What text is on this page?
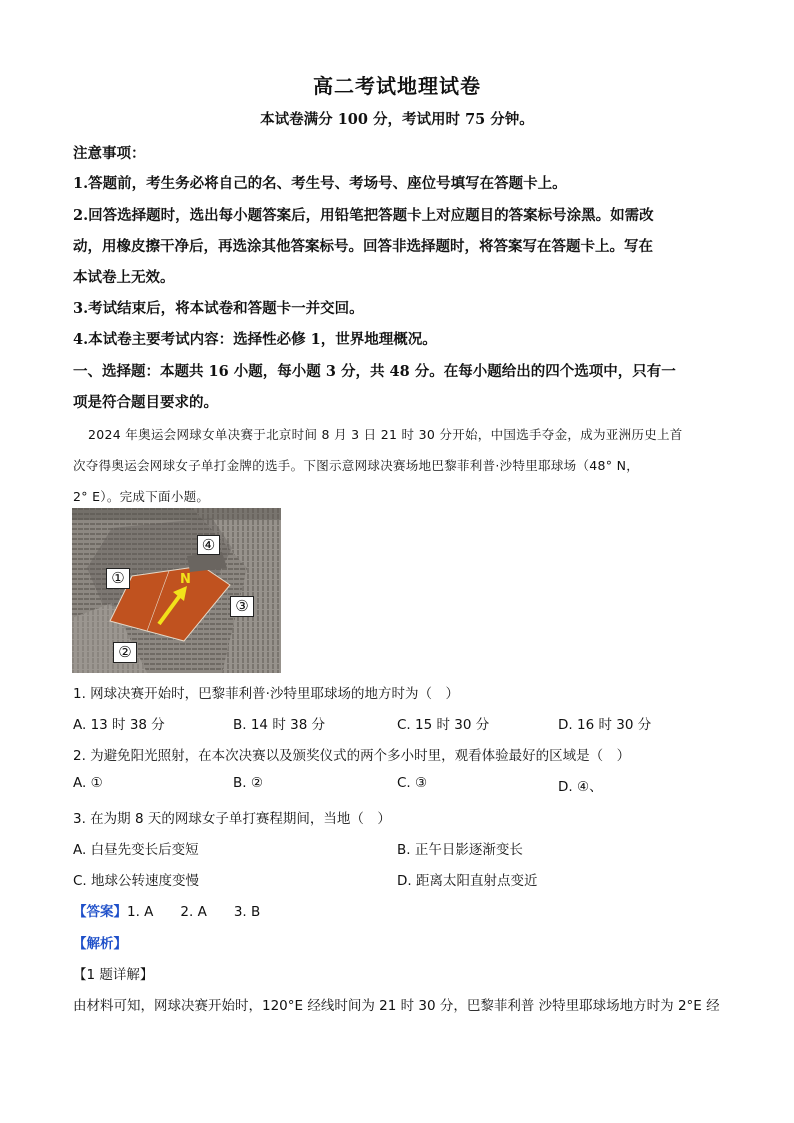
高二考试地理试卷
本试卷满分 100 分，考试用时 75 分钟。
注意事项：
1.答题前，考生务必将自己的名、考生号、考场号、座位号填写在答题卡上。
2.回答选择题时，选出每小题答案后，用铅笔把答题卡上对应题目的答案标号涂黑。如需改
动，用橡皮擦干净后，再选涂其他答案标号。回答非选择题时，将答案写在答题卡上。写在
本试卷上无效。
3.考试结束后，将本试卷和答题卡一并交回。
4.本试卷主要考试内容：选择性必修 1，世界地理概况。
一、选择题：本题共 16 小题，每小题 3 分，共 48 分。在每小题给出的四个选项中，只有一
项是符合题目要求的。
2024 年奥运会网球女单决赛于北京时间 8 月 3 日 21 时 30 分开始，中国选手夺金，成为亚洲历史上首
次夺得奥运会网球女子单打金牌的选手。下图示意网球决赛场地巴黎菲利普·沙特里耶球场（48° N，
2° E）。完成下面小题。
④
①
③
②
N
1. 网球决赛开始时，巴黎菲利普·沙特里耶球场的地方时为（　）
A. 13 时 38 分	B. 14 时 38 分	C. 15 时 30 分	D. 16 时 30 分
2. 为避免阳光照射，在本次决赛以及颁奖仪式的两个多小时里，观看体验最好的区域是（　）
A. ①	B. ②	C. ③	D. ④、
3. 在为期 8 天的网球女子单打赛程期间，当地（　）
A. 白昼先变长后变短	B. 正午日影逐渐变长
C. 地球公转速度变慢	D. 距离太阳直射点变近
【答案】1. A　　2. A　　3. B
【解析】
【1 题详解】
由材料可知，网球决赛开始时，120°E 经线时间为 21 时 30 分，巴黎菲利普 沙特里耶球场地方时为 2°E 经
